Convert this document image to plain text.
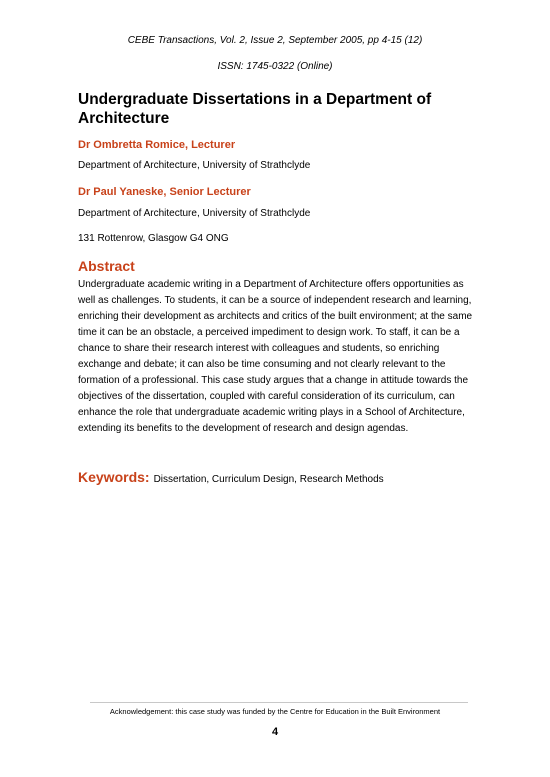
CEBE Transactions, Vol. 2, Issue 2, September 2005, pp 4-15 (12)
ISSN: 1745-0322 (Online)
Undergraduate Dissertations in a Department of Architecture
Dr Ombretta Romice, Lecturer
Department of Architecture, University of Strathclyde
Dr Paul Yaneske, Senior Lecturer
Department of Architecture, University of Strathclyde
131 Rottenrow, Glasgow G4 ONG
Abstract
Undergraduate academic writing in a Department of Architecture offers opportunities as well as challenges. To students, it can be a source of independent research and learning, enriching their development as architects and critics of the built environment; at the same time it can be an obstacle, a perceived impediment to design work. To staff, it can be a chance to share their research interest with colleagues and students, so enriching exchange and debate; it can also be time consuming and not clearly relevant to the formation of a professional. This case study argues that a change in attitude towards the objectives of the dissertation, coupled with careful consideration of its curriculum, can enhance the role that undergraduate academic writing plays in a School of Architecture, extending its benefits to the development of research and design agendas.
Keywords: Dissertation, Curriculum Design, Research Methods
Acknowledgement: this case study was funded by the Centre for Education in the Built Environment
4
